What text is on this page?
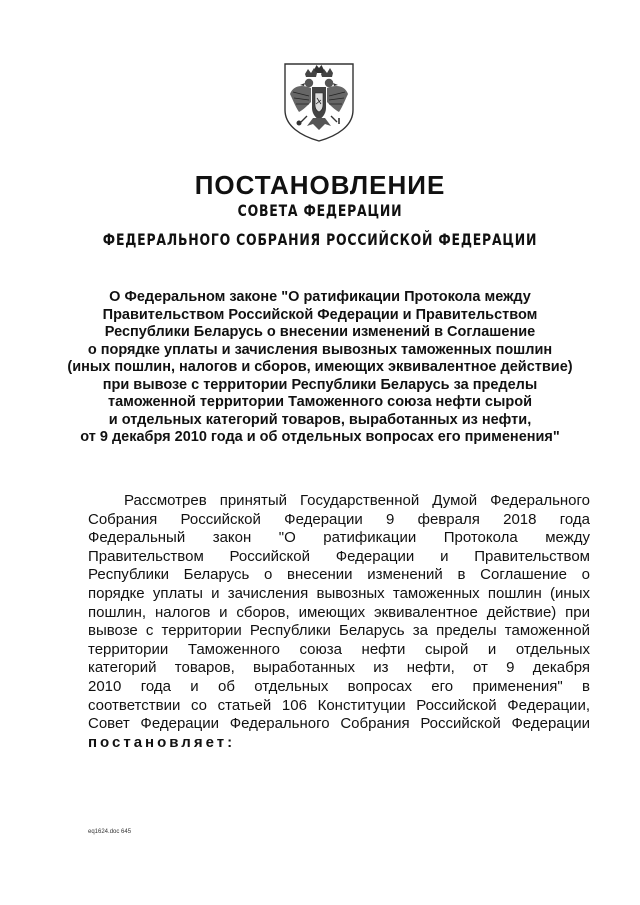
ПОСТАНОВЛЕНИЕ
СОВЕТА ФЕДЕРАЦИИ
ФЕДЕРАЛЬНОГО СОБРАНИЯ РОССИЙСКОЙ ФЕДЕРАЦИИ
О Федеральном законе "О ратификации Протокола между
Правительством Российской Федерации и Правительством
Республики Беларусь о внесении изменений в Соглашение
о порядке уплаты и зачисления вывозных таможенных пошлин
(иных пошлин, налогов и сборов, имеющих эквивалентное действие)
при вывозе с территории Республики Беларусь за пределы
таможенной территории Таможенного союза нефти сырой
и отдельных категорий товаров, выработанных из нефти,
от 9 декабря 2010 года и об отдельных вопросах его применения"
Рассмотрев принятый Государственной Думой Федерального
Собрания Российской Федерации 9 февраля 2018 года
Федеральный закон "О ратификации Протокола между
Правительством Российской Федерации и Правительством
Республики Беларусь о внесении изменений в Соглашение о
порядке уплаты и зачисления вывозных таможенных пошлин (иных
пошлин, налогов и сборов, имеющих эквивалентное действие) при
вывозе с территории Республики Беларусь за пределы таможенной
территории Таможенного союза нефти сырой и отдельных
категорий товаров, выработанных из нефти, от 9 декабря
2010 года и об отдельных вопросах его применения" в
соответствии со статьей 106 Конституции Российской Федерации,
Совет Федерации Федерального Собрания Российской Федерации
постановляет:
eq1624.doc 645
